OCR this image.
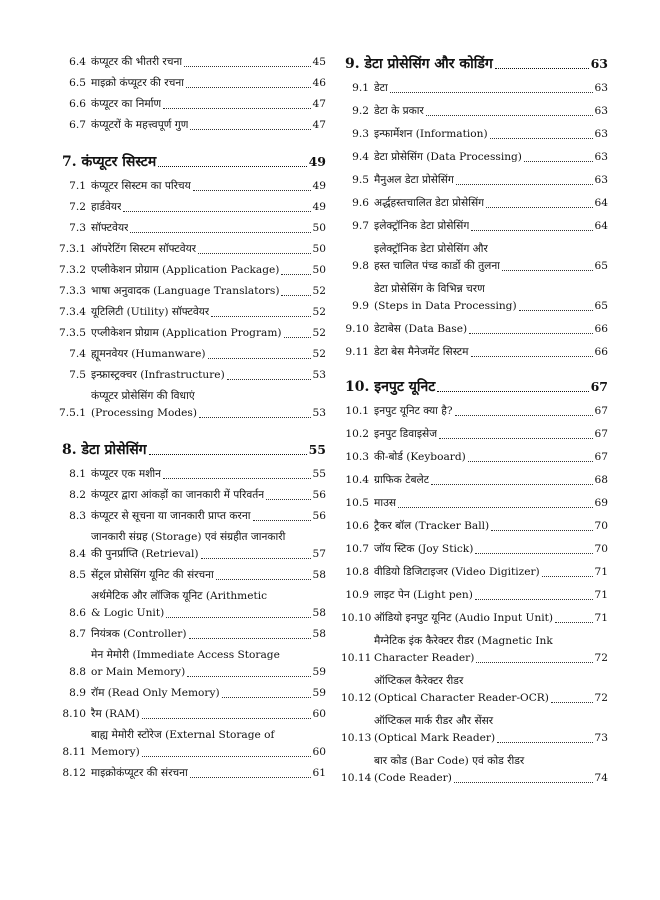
6.4 कंप्यूटर की भीतरी रचना	45
6.5 माइक्रो कंप्यूटर की रचना	46
6.6 कंप्यूटर का निर्माण	47
6.7 कंप्यूटरों के महत्त्वपूर्ण गुण	47
7. कंप्यूटर सिस्टम	49
7.1 कंप्यूटर सिस्टम का परिचय	49
7.2 हार्डवेयर	49
7.3 सॉफ्टवेयर	50
7.3.1 ऑपरेटिंग सिस्टम सॉफ्टवेयर	50
7.3.2 एप्लीकेशन प्रोग्राम (Application Package)	50
7.3.3 भाषा अनुवादक (Language Translators)	52
7.3.4 यूटिलिटी (Utility) सॉफ्टवेयर	52
7.3.5 एप्लीकेशन प्रोग्राम (Application Program)	52
7.4 ह्यूमनवेयर (Humanware)	52
7.5 इन्फ्रास्ट्रक्चर (Infrastructure)	53
7.5.1
कंप्यूटर प्रोसेसिंग की विधाएं
(Processing Modes)	53
8. डेटा प्रोसेसिंग	55
8.1 कंप्यूटर एक मशीन	55
8.2 कंप्यूटर द्वारा आंकड़ों का जानकारी में परिवर्तन	56
8.3 कंप्यूटर से सूचना या जानकारी प्राप्त करना	56
8.4
जानकारी संग्रह (Storage) एवं संग्रहीत जानकारी
की पुनर्प्राप्ति (Retrieval)	57
8.5 सेंट्रल प्रोसेसिंग यूनिट की संरचना	58
8.6
अर्थमेटिक और लॉजिक यूनिट (Arithmetic
& Logic Unit)	58
8.7 नियंत्रक (Controller)	58
8.8
मेन मेमोरी (Immediate Access Storage
or Main Memory)	59
8.9 रॉम (Read Only Memory)	59
8.10 रैम (RAM)	60
8.11
बाह्य मेमोरी स्टोरेज (External Storage of
Memory)	60
8.12 माइक्रोकंप्यूटर की संरचना	61
9. डेटा प्रोसेसिंग और कोडिंग	63
9.1 डेटा	63
9.2 डेटा के प्रकार	63
9.3 इन्फार्मेशन (Information)	63
9.4 डेटा प्रोसेसिंग (Data Processing)	63
9.5 मैनुअल डेटा प्रोसेसिंग	63
9.6 अर्द्धहस्तचालित डेटा प्रोसेसिंग	64
9.7 इलेक्ट्रॉनिक डेटा प्रोसेसिंग	64
9.8
इलेक्ट्रॉनिक डेटा प्रोसेसिंग और
हस्त चालित पंच्ड कार्डो की तुलना	65
9.9
डेटा प्रोसेसिंग के विभिन्न चरण
(Steps in Data Processing)	65
9.10 डेटाबेस (Data Base)	66
9.11 डेटा बेस मैनेजमेंट सिस्टम	66
10. इनपुट यूनिट	67
10.1 इनपुट यूनिट क्या है?	67
10.2 इनपुट डिवाइसेज	67
10.3 की-बोर्ड (Keyboard)	67
10.4 ग्राफिक टेबलेट	68
10.5 माउस	69
10.6 ट्रैकर बॉल (Tracker Ball)	70
10.7 जॉय स्टिक (Joy Stick)	70
10.8 वीडियो डिजिटाइजर (Video Digitizer)	71
10.9 लाइट पेन (Light pen)	71
10.10 ऑडियो इनपुट यूनिट (Audio Input Unit)	71
10.11
मैग्नेटिक इंक कैरेक्टर रीडर (Magnetic Ink
Character Reader)	72
10.12
ऑप्टिकल कैरेक्टर रीडर
(Optical Character Reader-OCR)	72
10.13
ऑप्टिकल मार्क रीडर और सेंसर
(Optical Mark Reader)	73
10.14
बार कोड (Bar Code) एवं कोड रीडर
(Code Reader)	74
